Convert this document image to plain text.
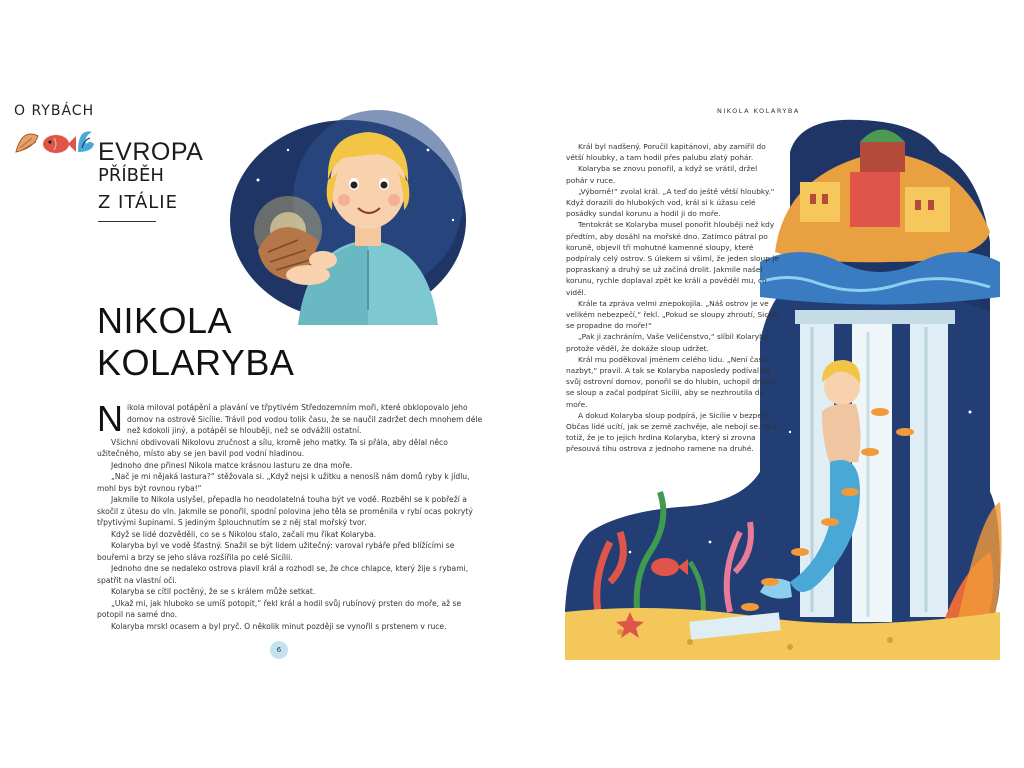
O RYBÁCH
EVROPA
PŘÍBĚH
Z ITÁLIE
NIKOLA
KOLARYBA

Nikola miloval potápění a plavání ve třpytivém Středozemním moři, které obklopovalo jeho domov na ostrově Sicílie. Trávil pod vodou tolik času, že se naučil zadržet dech mnohem déle než kdokoli jiný, a potápěl se hlouběji, než se odvážili ostatní.

Všichni obdivovali Nikolovu zručnost a sílu, kromě jeho matky. Ta si přála, aby dělal něco užitečného, místo aby se jen bavil pod vodní hladinou.

Jednoho dne přinesl Nikola matce krásnou lasturu ze dna moře.

„Nač je mi nějaká lastura?“ stěžovala si. „Když nejsi k užitku a nenosíš nám domů ryby k jídlu, mohl bys být rovnou ryba!“

Jakmile to Nikola uslyšel, přepadla ho neodolatelná touha být ve vodě. Rozběhl se k pobřeží a skočil z útesu do vln. Jakmile se ponořil, spodní polovina jeho těla se proměnila v rybí ocas pokrytý třpytivými šupinami. S jediným šplouchnutím se z něj stal mořský tvor.

Když se lidé dozvěděli, co se s Nikolou stalo, začali mu říkat Kolaryba.

Kolaryba byl ve vodě šťastný. Snažil se být lidem užitečný: varoval rybáře před blížícími se bouřemi a brzy se jeho sláva rozšířila po celé Sicílii.

Jednoho dne se nedaleko ostrova plavil král a rozhodl se, že chce chlapce, který žije s rybami, spatřit na vlastní oči.

Kolaryba se cítil poctěný, že se s králem může setkat.

„Ukaž mi, jak hluboko se umíš potopit,“ řekl král a hodil svůj rubínový prsten do moře, až se potopil na samé dno.

Kolaryba mrskl ocasem a byl pryč. O několik minut později se vynořil s prstenem v ruce.

6
NIKOLA KOLARYBA

Král byl nadšený. Poručil kapitánovi, aby zamířil do větší hloubky, a tam hodil přes palubu zlatý pohár.

Kolaryba se znovu ponořil, a když se vrátil, držel pohár v ruce.

„Výborně!“ zvolal král. „A teď do ještě větší hloubky.“ Když dorazili do hlubokých vod, král si k úžasu celé posádky sundal korunu a hodil ji do moře.

Tentokrát se Kolaryba musel ponořit hlouběji než kdy předtím, aby dosáhl na mořské dno. Zatímco pátral po koruně, objevil tři mohutné kamenné sloupy, které podpíraly celý ostrov. S úlekem si všiml, že jeden sloup je popraskaný a druhý se už začíná drolit. Jakmile našel korunu, rychle doplaval zpět ke králi a pověděl mu, co viděl.

Krále ta zpráva velmi znepokojila. „Náš ostrov je ve velikém nebezpečí,“ řekl. „Pokud se sloupy zhroutí, Sicílie se propadne do moře!“

„Pak ji zachráním, Vaše Veličenstvo,“ slíbil Kolaryba, protože věděl, že dokáže sloup udržet.

Král mu poděkoval jménem celého lidu. „Není času nazbyt,“ pravil. A tak se Kolaryba naposledy podíval na svůj ostrovní domov, ponořil se do hlubin, uchopil drolící se sloup a začal podpírat Sicílii, aby se nezhroutila do moře.

A dokud Kolaryba sloup podpírá, je Sicílie v bezpečí. Občas lidé ucítí, jak se země zachvěje, ale nebojí se. Vědí totiž, že je to jejich hrdina Kolaryba, který si zrovna přesouvá tíhu ostrova z jednoho ramene na druhé.
